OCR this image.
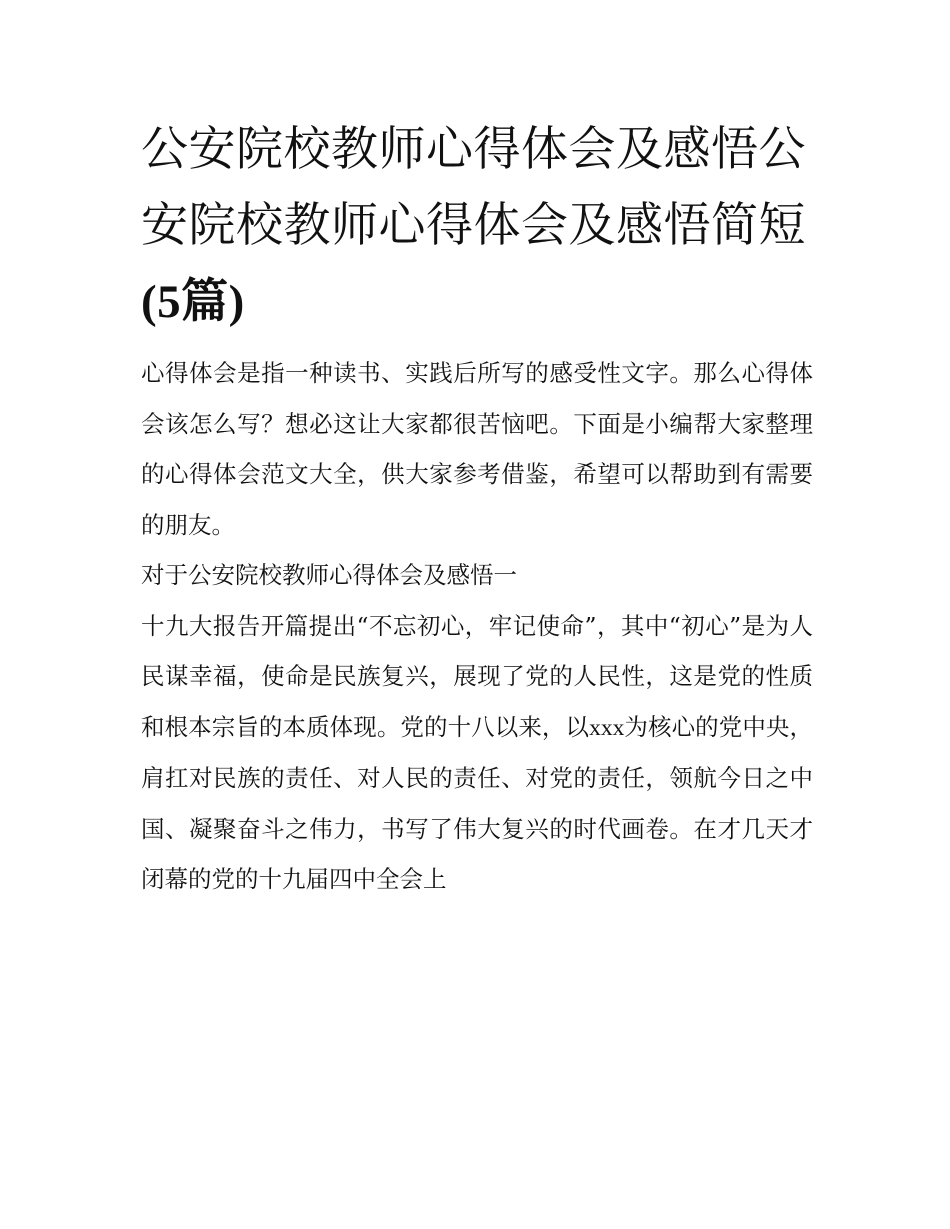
公安院校教师心得体会及感悟公安院校教师心得体会及感悟简短(5篇)

心得体会是指一种读书、实践后所写的感受性文字。那么心得体会该怎么写？想必这让大家都很苦恼吧。下面是小编帮大家整理的心得体会范文大全，供大家参考借鉴，希望可以帮助到有需要的朋友。

对于公安院校教师心得体会及感悟一

十九大报告开篇提出“不忘初心，牢记使命”，其中“初心”是为人民谋幸福，使命是民族复兴，展现了党的人民性，这是党的性质和根本宗旨的本质体现。党的十八以来，以xxx为核心的党中央，肩扛对民族的责任、对人民的责任、对党的责任，领航今日之中国、凝聚奋斗之伟力，书写了伟大复兴的时代画卷。在才几天才闭幕的党的十九届四中全会上
